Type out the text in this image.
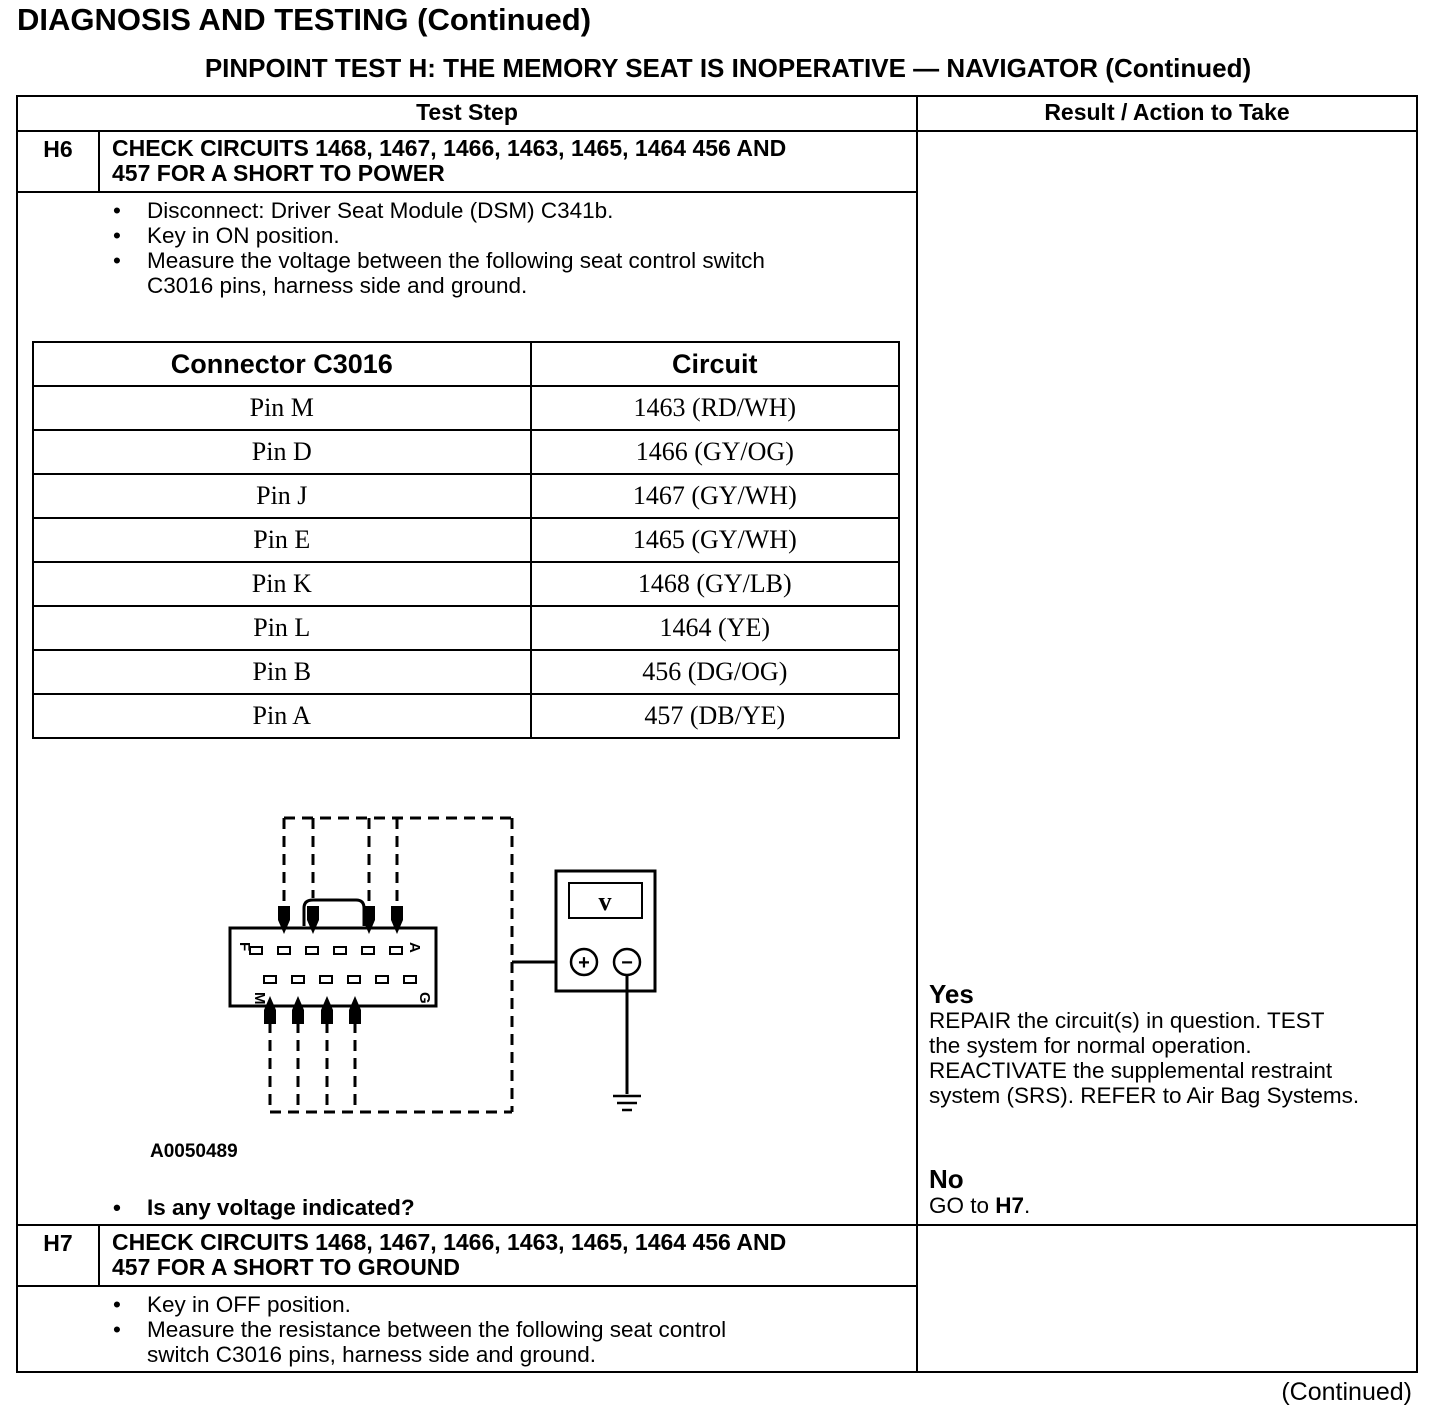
DIAGNOSIS AND TESTING (Continued)
PINPOINT TEST H: THE MEMORY SEAT IS INOPERATIVE — NAVIGATOR (Continued)
Test Step	Result / Action to Take
H6	CHECK CIRCUITS 1468, 1467, 1466, 1463, 1465, 1464 456 AND
457 FOR A SHORT TO POWER
• Disconnect: Driver Seat Module (DSM) C341b.
• Key in ON position.
• Measure the voltage between the following seat control switch
C3016 pins, harness side and ground.
Connector C3016	Circuit
Pin M	1463 (RD/WH)
Pin D	1466 (GY/OG)
Pin J	1467 (GY/WH)
Pin E	1465 (GY/WH)
Pin K	1468 (GY/LB)
Pin L	1464 (YE)
Pin B	456 (DG/OG)
Pin A	457 (DB/YE)
F	A
M	G
v
+ −
A0050489
• Is any voltage indicated?
Yes
REPAIR the circuit(s) in question. TEST
the system for normal operation.
REACTIVATE the supplemental restraint
system (SRS). REFER to Air Bag Systems.
No
GO to H7.
H7	CHECK CIRCUITS 1468, 1467, 1466, 1463, 1465, 1464 456 AND
457 FOR A SHORT TO GROUND
• Key in OFF position.
• Measure the resistance between the following seat control
switch C3016 pins, harness side and ground.
(Continued)
